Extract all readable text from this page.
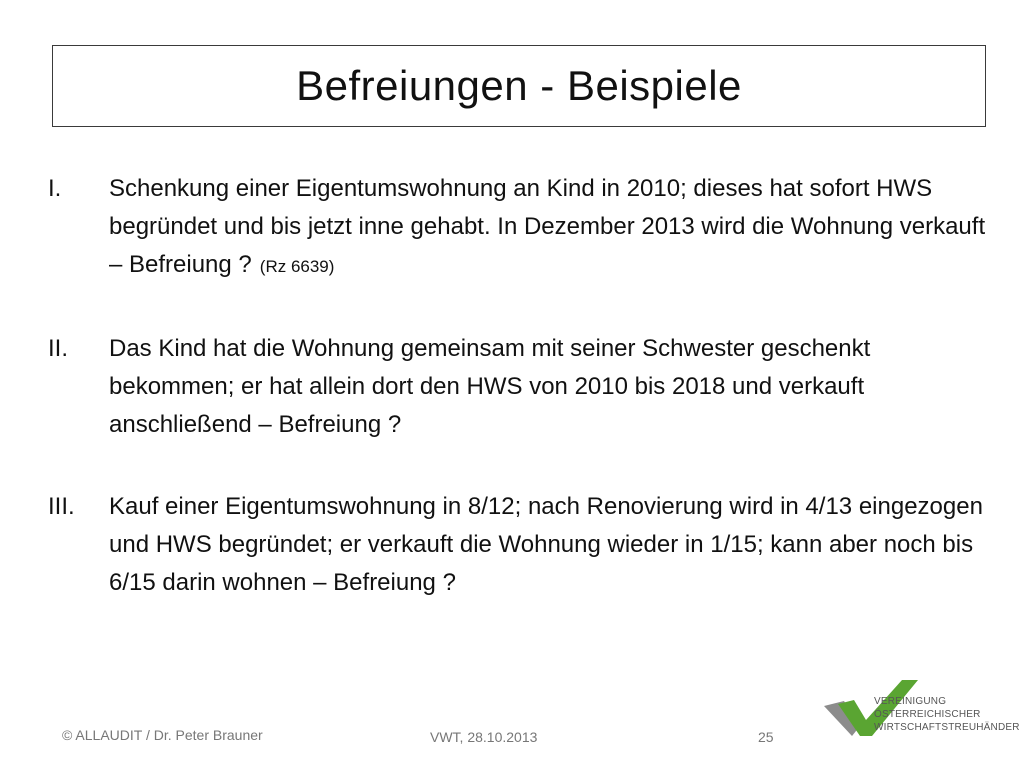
Befreiungen - Beispiele
I.	Schenkung einer Eigentumswohnung an Kind in 2010; dieses hat sofort HWS begründet und bis jetzt inne gehabt. In Dezember 2013 wird die Wohnung verkauft – Befreiung ? (Rz 6639)
II.	Das Kind hat die Wohnung gemeinsam mit seiner Schwester geschenkt bekommen; er hat allein dort den HWS von 2010 bis 2018 und verkauft anschließend – Befreiung ?
III.	Kauf einer Eigentumswohnung in 8/12; nach Renovierung wird in 4/13 eingezogen und HWS begründet; er verkauft die Wohnung wieder in 1/15; kann aber noch bis 6/15 darin wohnen – Befreiung ?
© ALLAUDIT / Dr. Peter Brauner	VWT, 28.10.2013	25
VEREINIGUNG
ÖSTERREICHISCHER
WIRTSCHAFTSTREUHÄNDER
